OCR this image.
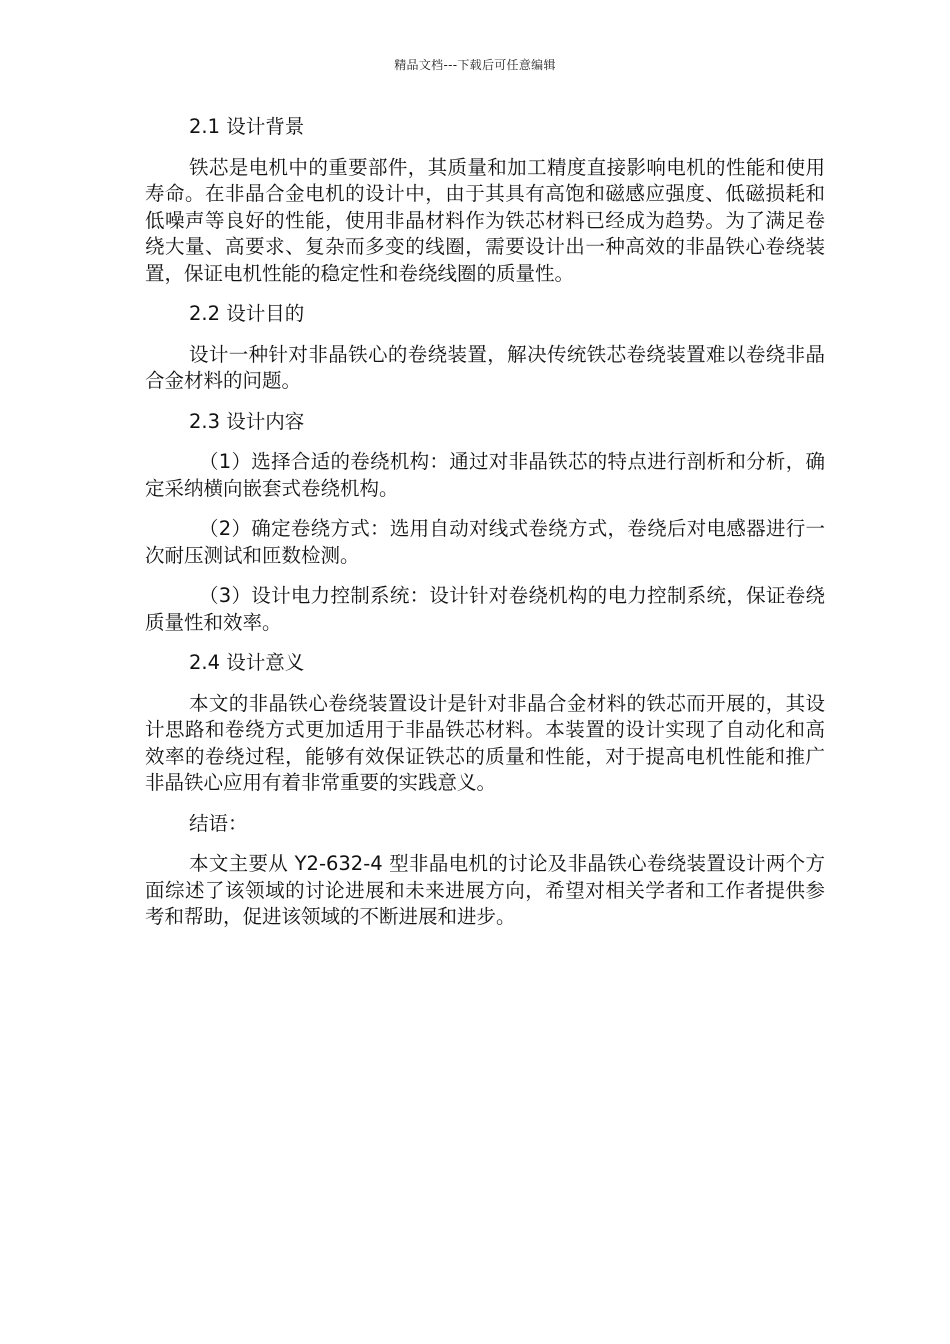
精品文档---下载后可任意编辑

2.1 设计背景

铁芯是电机中的重要部件，其质量和加工精度直接影响电机的性能和使用寿命。在非晶合金电机的设计中，由于其具有高饱和磁感应强度、低磁损耗和低噪声等良好的性能，使用非晶材料作为铁芯材料已经成为趋势。为了满足卷绕大量、高要求、复杂而多变的线圈，需要设计出一种高效的非晶铁心卷绕装置，保证电机性能的稳定性和卷绕线圈的质量性。

2.2 设计目的

设计一种针对非晶铁心的卷绕装置，解决传统铁芯卷绕装置难以卷绕非晶合金材料的问题。

2.3 设计内容

（1）选择合适的卷绕机构：通过对非晶铁芯的特点进行剖析和分析，确定采纳横向嵌套式卷绕机构。

（2）确定卷绕方式：选用自动对线式卷绕方式，卷绕后对电感器进行一次耐压测试和匝数检测。

（3）设计电力控制系统：设计针对卷绕机构的电力控制系统，保证卷绕质量性和效率。

2.4 设计意义

本文的非晶铁心卷绕装置设计是针对非晶合金材料的铁芯而开展的，其设计思路和卷绕方式更加适用于非晶铁芯材料。本装置的设计实现了自动化和高效率的卷绕过程，能够有效保证铁芯的质量和性能，对于提高电机性能和推广非晶铁心应用有着非常重要的实践意义。

结语：

本文主要从 Y2-632-4 型非晶电机的讨论及非晶铁心卷绕装置设计两个方面综述了该领域的讨论进展和未来进展方向，希望对相关学者和工作者提供参考和帮助，促进该领域的不断进展和进步。
